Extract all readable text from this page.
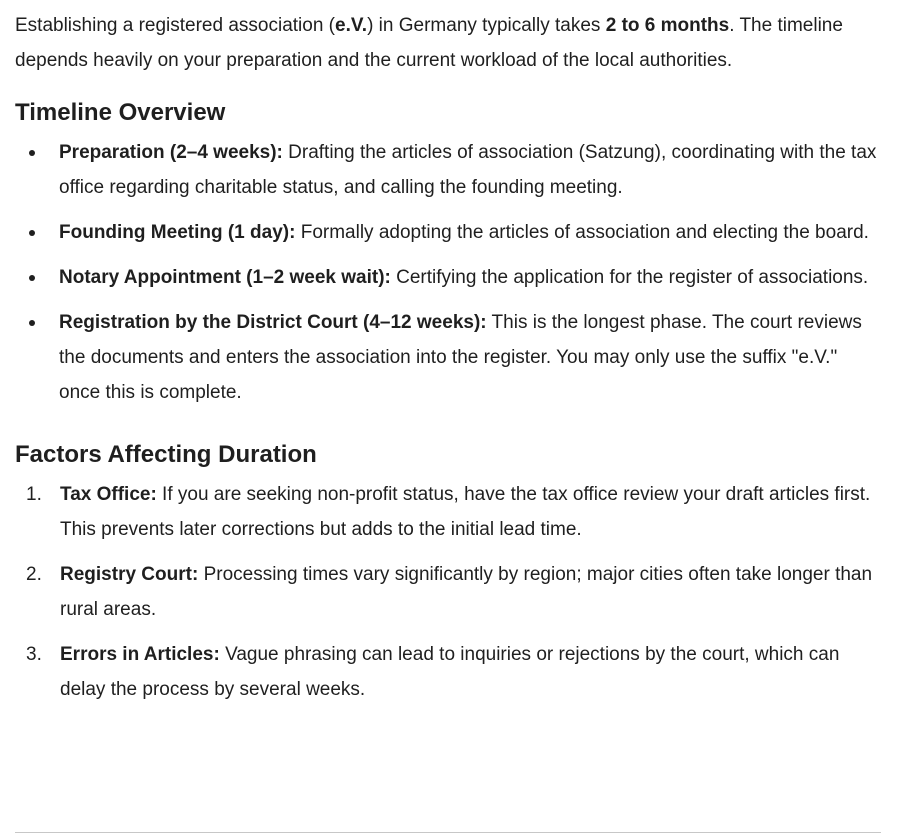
Establishing a registered association (e.V.) in Germany typically takes 2 to 6 months. The timeline depends heavily on your preparation and the current workload of the local authorities.

Timeline Overview
Preparation (2–4 weeks): Drafting the articles of association (Satzung), coordinating with the tax office regarding charitable status, and calling the founding meeting.
Founding Meeting (1 day): Formally adopting the articles of association and electing the board.
Notary Appointment (1–2 week wait): Certifying the application for the register of associations.
Registration by the District Court (4–12 weeks): This is the longest phase. The court reviews the documents and enters the association into the register. You may only use the suffix "e.V." once this is complete.
Factors Affecting Duration
1. Tax Office: If you are seeking non-profit status, have the tax office review your draft articles first. This prevents later corrections but adds to the initial lead time.
2. Registry Court: Processing times vary significantly by region; major cities often take longer than rural areas.
3. Errors in Articles: Vague phrasing can lead to inquiries or rejections by the court, which can delay the process by several weeks.
